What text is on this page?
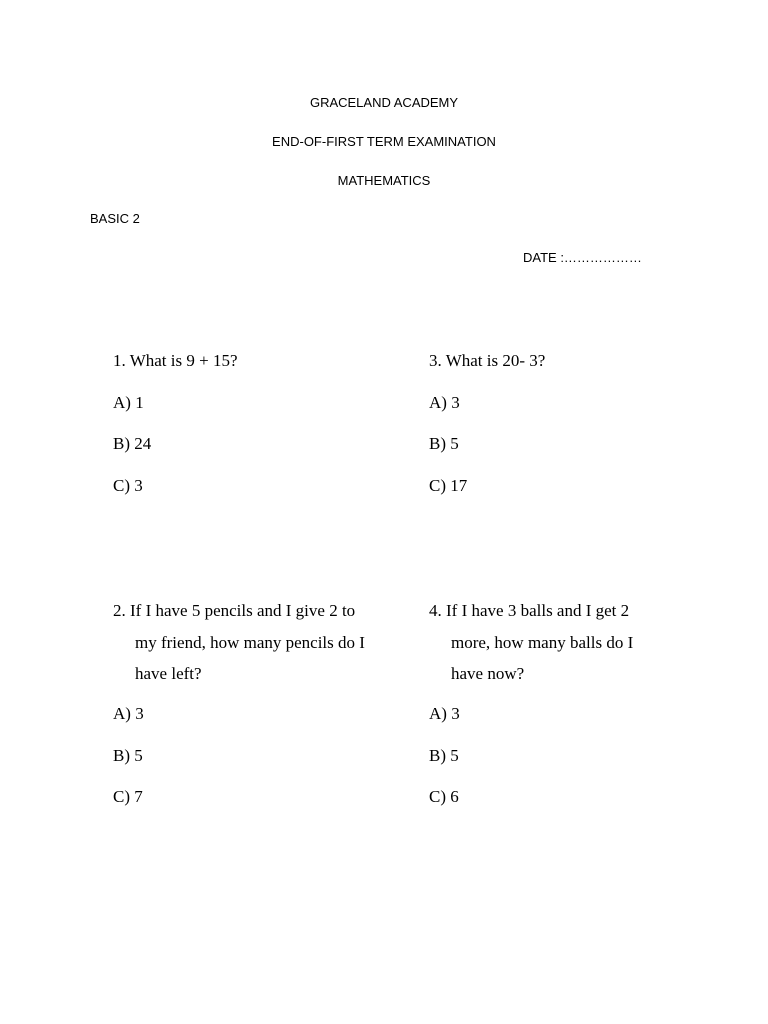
GRACELAND ACADEMY

END-OF-FIRST TERM EXAMINATION

MATHEMATICS

BASIC 2
DATE :………………
1. What is 9 + 15?
A) 1
B) 24
C) 3
3. What is 20- 3?
A) 3
B) 5
C) 17

2. If I have 5 pencils and I give 2 to my friend, how many pencils do I have left?

A) 3
B) 5
C) 7

4. If I have 3 balls and I get 2 more, how many balls do I have now?

A) 3
B) 5
C) 6
